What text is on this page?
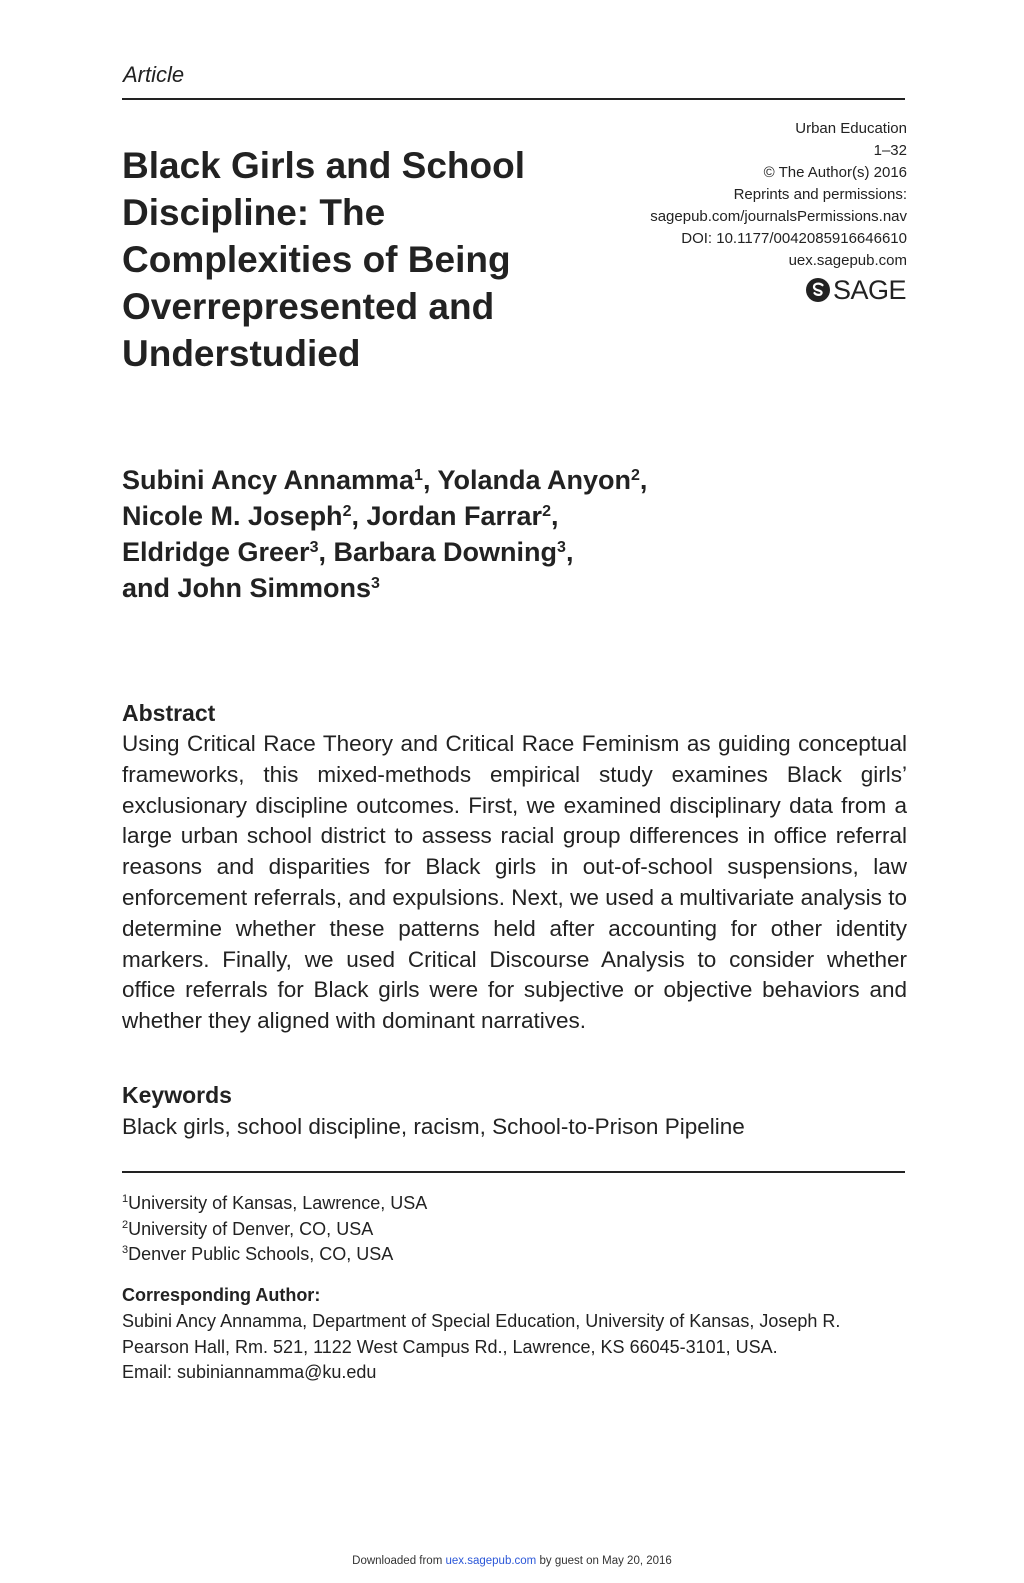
Article
Black Girls and School Discipline: The Complexities of Being Overrepresented and Understudied
Urban Education
1–32
© The Author(s) 2016
Reprints and permissions:
sagepub.com/journalsPermissions.nav
DOI: 10.1177/0042085916646610
uex.sagepub.com
SAGE
Subini Ancy Annamma$^1$, Yolanda Anyon$^2$,
Nicole M. Joseph$^2$, Jordan Farrar$^2$,
Eldridge Greer$^3$, Barbara Downing$^3$,
and John Simmons$^3$
Abstract

Using Critical Race Theory and Critical Race Feminism as guiding conceptual frameworks, this mixed-methods empirical study examines Black girls’ exclusionary discipline outcomes. First, we examined disciplinary data from a large urban school district to assess racial group differences in office referral reasons and disparities for Black girls in out-of-school suspensions, law enforcement referrals, and expulsions. Next, we used a multivariate analysis to determine whether these patterns held after accounting for other identity markers. Finally, we used Critical Discourse Analysis to consider whether office referrals for Black girls were for subjective or objective behaviors and whether they aligned with dominant narratives.

Keywords

Black girls, school discipline, racism, School-to-Prison Pipeline

$^1$University of Kansas, Lawrence, USA
$^2$University of Denver, CO, USA
$^3$Denver Public Schools, CO, USA
Corresponding Author:
Subini Ancy Annamma, Department of Special Education, University of Kansas, Joseph R.
Pearson Hall, Rm. 521, 1122 West Campus Rd., Lawrence, KS 66045-3101, USA.
Email: subiniannamma@ku.edu
Downloaded from uex.sagepub.com by guest on May 20, 2016
